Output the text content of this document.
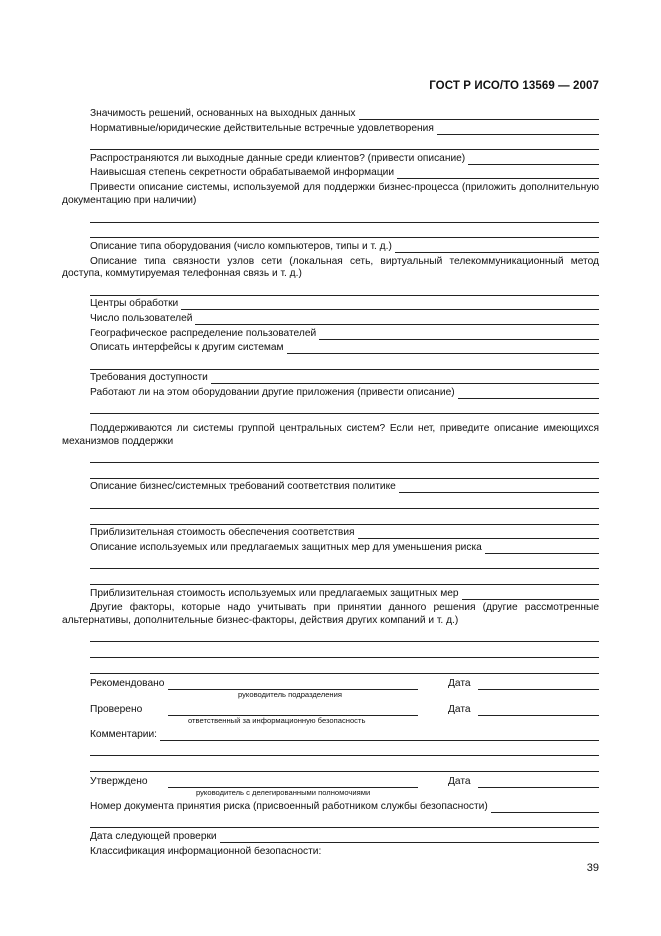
ГОСТ Р ИСО/ТО 13569 — 2007
Значимость решений, основанных на выходных данных
Нормативные/юридические действительные встречные удовлетворения
Распространяются ли выходные данные среди клиентов? (привести описание)
Наивысшая степень секретности обрабатываемой информации
Привести описание системы, используемой для поддержки бизнес-процесса (приложить дополнительную документацию при наличии)
Описание типа оборудования (число компьютеров, типы и т. д.)
Описание типа связности узлов сети (локальная сеть, виртуальный телекоммуникационный метод доступа, коммутируемая телефонная связь и т. д.)
Центры обработки
Число пользователей
Географическое распределение пользователей
Описать интерфейсы к другим системам
Требования доступности
Работают ли на этом оборудовании другие приложения (привести описание)
Поддерживаются ли системы группой центральных систем? Если нет, приведите описание имеющихся механизмов поддержки
Описание бизнес/системных требований соответствия политике
Приблизительная стоимость обеспечения соответствия
Описание используемых или предлагаемых защитных мер для уменьшения риска
Приблизительная стоимость используемых или предлагаемых защитных мер
Другие факторы, которые надо учитывать при принятии данного решения (другие рассмотренные альтернативы, дополнительные бизнес-факторы, действия других компаний и т. д.)
Рекомендовано	Дата
руководитель подразделения
Проверено	Дата
ответственный за информационную безопасность
Комментарии:
Утверждено	Дата
руководитель с делегированными полномочиями
Номер документа принятия риска (присвоенный работником службы безопасности)
Дата следующей проверки
Классификация информационной безопасности:
39
